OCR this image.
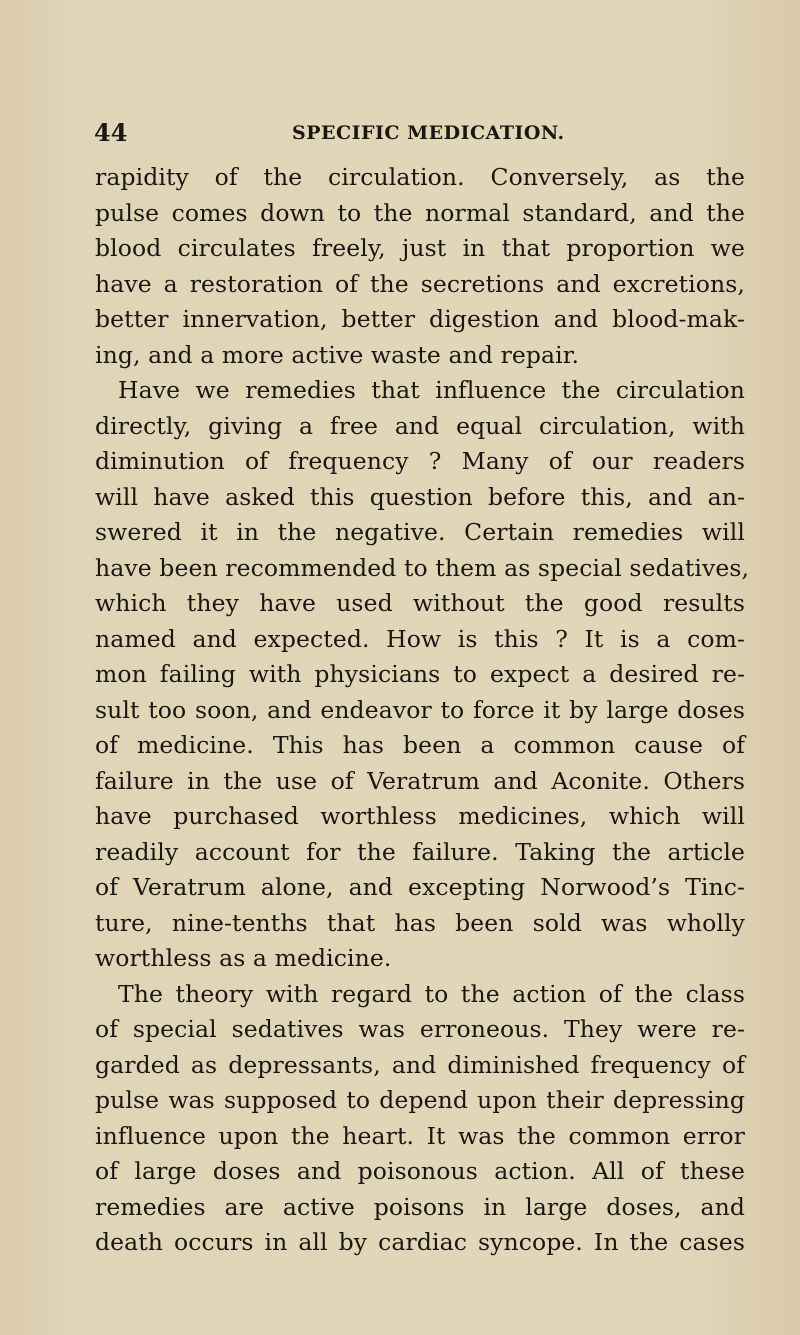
44	SPECIFIC MEDICATION.
rapidity of the circulation. Conversely, as the
pulse comes down to the normal standard, and the
blood circulates freely, just in that proportion we
have a restoration of the secretions and excretions,
better innervation, better digestion and blood-mak-
ing, and a more active waste and repair.
Have we remedies that influence the circulation
directly, giving a free and equal circulation, with
diminution of frequency ? Many of our readers
will have asked this question before this, and an-
swered it in the negative. Certain remedies will
have been recommended to them as special sedatives,
which they have used without the good results
named and expected. How is this ? It is a com-
mon failing with physicians to expect a desired re-
sult too soon, and endeavor to force it by large doses
of medicine. This has been a common cause of
failure in the use of Veratrum and Aconite. Others
have purchased worthless medicines, which will
readily account for the failure. Taking the article
of Veratrum alone, and excepting Norwood’s Tinc-
ture, nine-tenths that has been sold was wholly
worthless as a medicine.
The theory with regard to the action of the class
of special sedatives was erroneous. They were re-
garded as depressants, and diminished frequency of
pulse was supposed to depend upon their depressing
influence upon the heart. It was the common error
of large doses and poisonous action. All of these
remedies are active poisons in large doses, and
death occurs in all by cardiac syncope. In the cases
